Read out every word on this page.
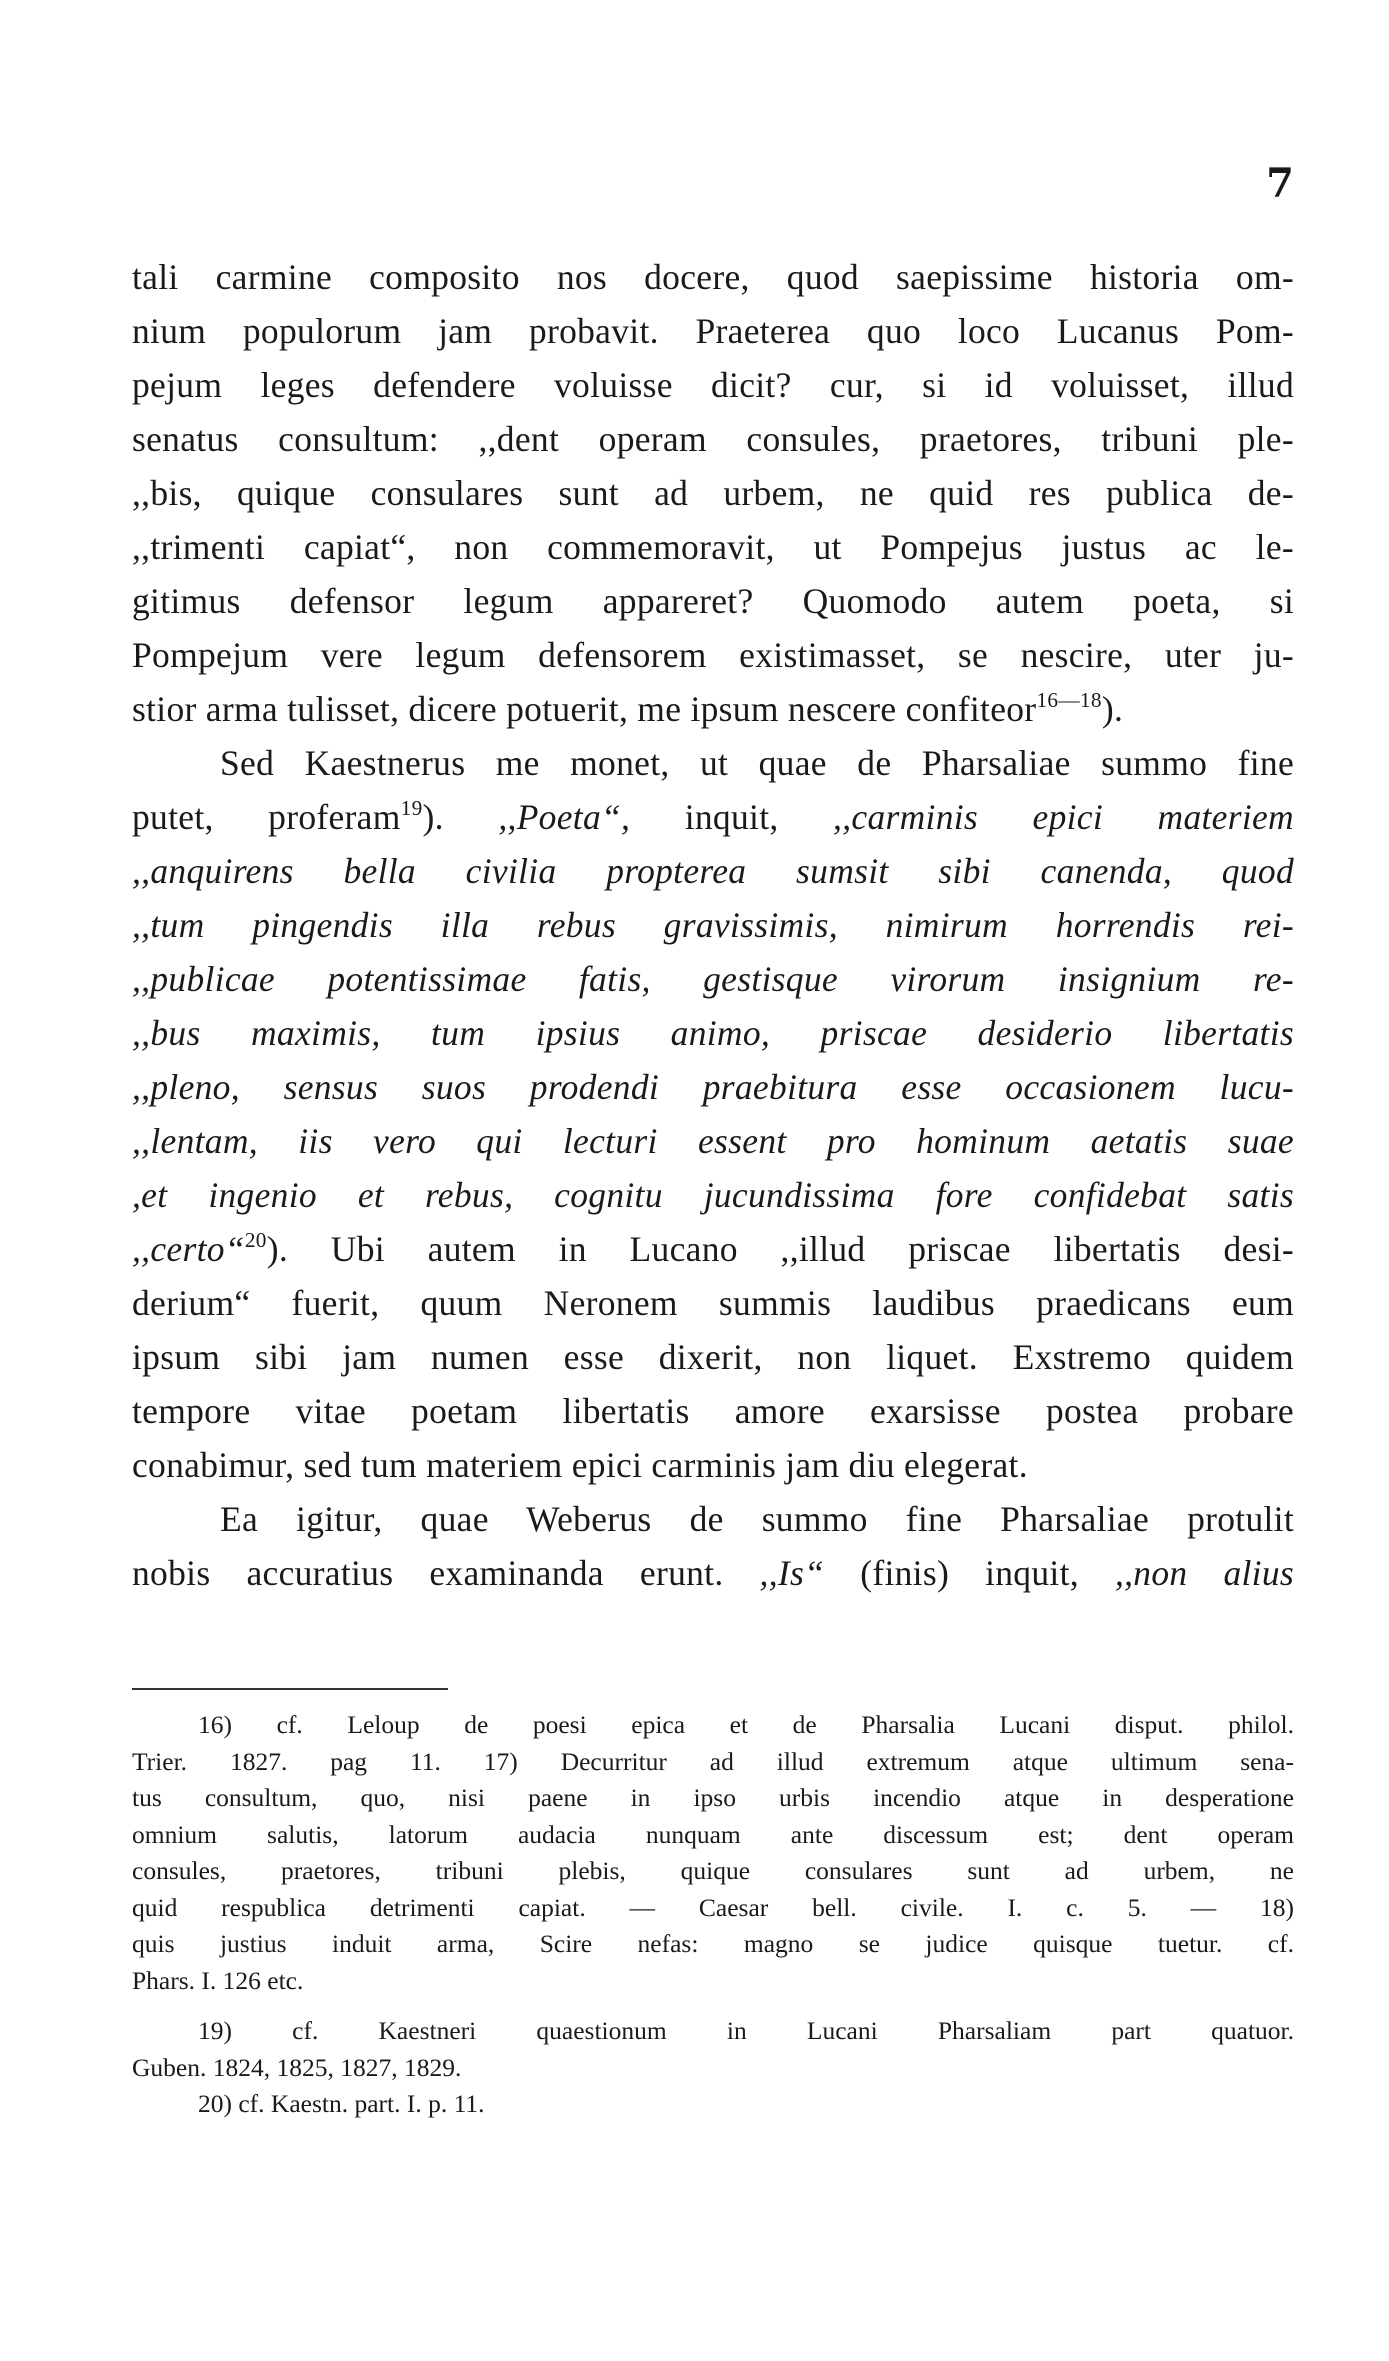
7
tali carmine composito nos docere, quod saepissime historia om-
nium populorum jam probavit. Praeterea quo loco Lucanus Pom-
pejum leges defendere voluisse dicit? cur, si id voluisset, illud
senatus consultum: ,,dent operam consules, praetores, tribuni ple-
,,bis, quique consulares sunt ad urbem, ne quid res publica de-
,,trimenti capiat“, non commemoravit, ut Pompejus justus ac le-
gitimus defensor legum appareret? Quomodo autem poeta, si
Pompejum vere legum defensorem existimasset, se nescire, uter ju-
stior arma tulisset, dicere potuerit, me ipsum nescere confiteor$^{16—18}$).
Sed Kaestnerus me monet, ut quae de Pharsaliae summo fine
putet, proferam$^{19}$). ,,Poeta“, inquit, ,,carminis epici materiem
,,anquirens bella civilia propterea sumsit sibi canenda, quod
,,tum pingendis illa rebus gravissimis, nimirum horrendis rei-
,,publicae potentissimae fatis, gestisque virorum insignium re-
,,bus maximis, tum ipsius animo, priscae desiderio libertatis
,,pleno, sensus suos prodendi praebitura esse occasionem lucu-
,,lentam, iis vero qui lecturi essent pro hominum aetatis suae
,et ingenio et rebus, cognitu jucundissima fore confidebat satis
,,certo“$^{20}$). Ubi autem in Lucano ,,illud priscae libertatis desi-
derium“ fuerit, quum Neronem summis laudibus praedicans eum
ipsum sibi jam numen esse dixerit, non liquet. Exstremo quidem
tempore vitae poetam libertatis amore exarsisse postea probare
conabimur, sed tum materiem epici carminis jam diu elegerat.
Ea igitur, quae Weberus de summo fine Pharsaliae protulit
nobis accuratius examinanda erunt. ,,Is“ (finis) inquit, ,,non alius
16) cf. Leloup de poesi epica et de Pharsalia Lucani disput. philol.
Trier. 1827. pag 11. 17) Decurritur ad illud extremum atque ultimum sena-
tus consultum, quo, nisi paene in ipso urbis incendio atque in desperatione
omnium salutis, latorum audacia nunquam ante discessum est; dent operam
consules, praetores, tribuni plebis, quique consulares sunt ad urbem, ne
quid respublica detrimenti capiat. — Caesar bell. civile. I. c. 5. — 18)
quis justius induit arma, Scire nefas: magno se judice quisque tuetur. cf.
Phars. I. 126 etc.
19) cf. Kaestneri quaestionum in Lucani Pharsaliam part quatuor.
Guben. 1824, 1825, 1827, 1829.
20) cf. Kaestn. part. I. p. 11.
